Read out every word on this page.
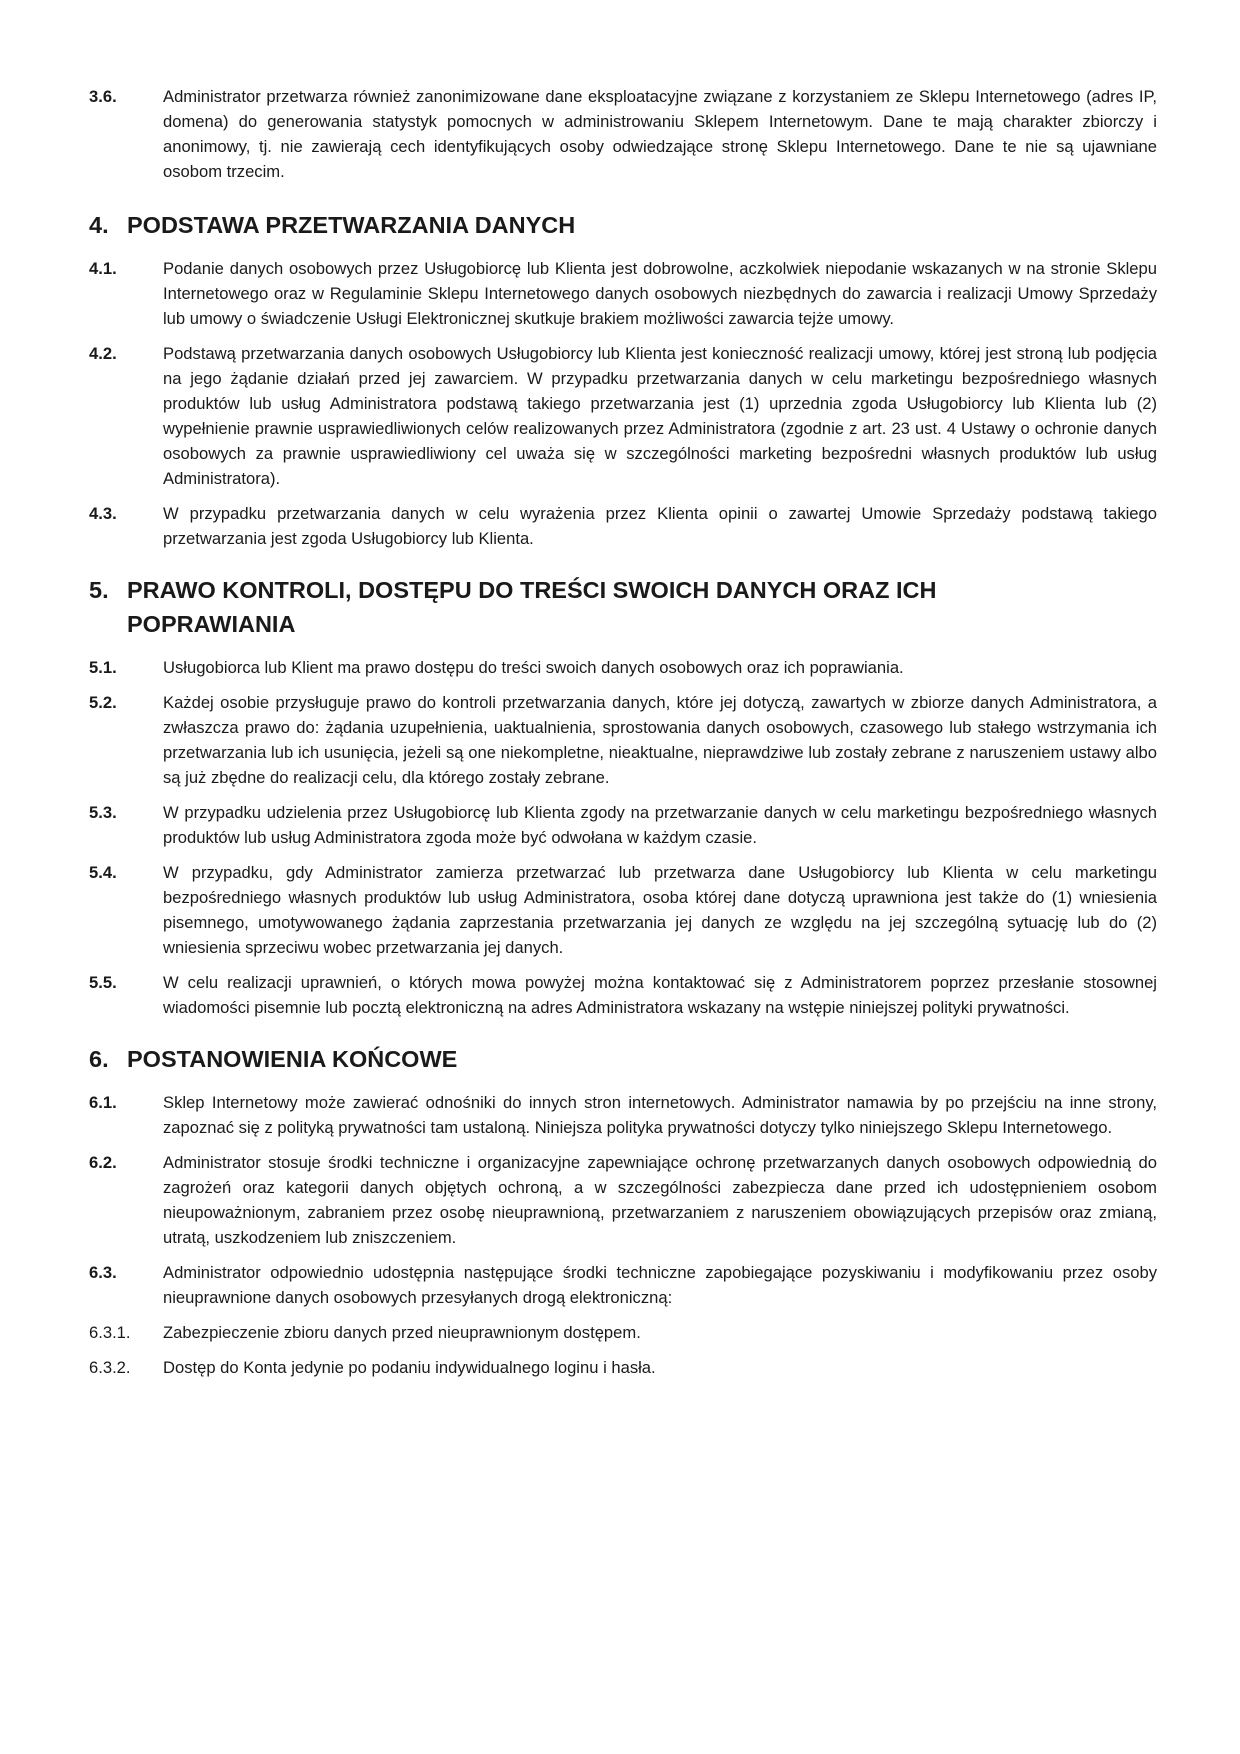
3.6.	Administrator przetwarza również zanonimizowane dane eksploatacyjne związane z korzystaniem ze Sklepu Internetowego (adres IP, domena) do generowania statystyk pomocnych w administrowaniu Sklepem Internetowym. Dane te mają charakter zbiorczy i anonimowy, tj. nie zawierają cech identyfikujących osoby odwiedzające stronę Sklepu Internetowego. Dane te nie są ujawniane osobom trzecim.
4. PODSTAWA PRZETWARZANIA DANYCH
4.1.	Podanie danych osobowych przez Usługobiorcę lub Klienta jest dobrowolne, aczkolwiek niepodanie wskazanych w na stronie Sklepu Internetowego oraz w Regulaminie Sklepu Internetowego danych osobowych niezbędnych do zawarcia i realizacji Umowy Sprzedaży lub umowy o świadczenie Usługi Elektronicznej skutkuje brakiem możliwości zawarcia tejże umowy.
4.2.	Podstawą przetwarzania danych osobowych Usługobiorcy lub Klienta jest konieczność realizacji umowy, której jest stroną lub podjęcia na jego żądanie działań przed jej zawarciem. W przypadku przetwarzania danych w celu marketingu bezpośredniego własnych produktów lub usług Administratora podstawą takiego przetwarzania jest (1) uprzednia zgoda Usługobiorcy lub Klienta lub (2) wypełnienie prawnie usprawiedliwionych celów realizowanych przez Administratora (zgodnie z art. 23 ust. 4 Ustawy o ochronie danych osobowych za prawnie usprawiedliwiony cel uważa się w szczególności marketing bezpośredni własnych produktów lub usług Administratora).
4.3.	W przypadku przetwarzania danych w celu wyrażenia przez Klienta opinii o zawartej Umowie Sprzedaży podstawą takiego przetwarzania jest zgoda Usługobiorcy lub Klienta.
5. PRAWO KONTROLI, DOSTĘPU DO TREŚCI SWOICH DANYCH ORAZ ICH POPRAWIANIA
5.1.	Usługobiorca lub Klient ma prawo dostępu do treści swoich danych osobowych oraz ich poprawiania.
5.2.	Każdej osobie przysługuje prawo do kontroli przetwarzania danych, które jej dotyczą, zawartych w zbiorze danych Administratora, a zwłaszcza prawo do: żądania uzupełnienia, uaktualnienia, sprostowania danych osobowych, czasowego lub stałego wstrzymania ich przetwarzania lub ich usunięcia, jeżeli są one niekompletne, nieaktualne, nieprawdziwe lub zostały zebrane z naruszeniem ustawy albo są już zbędne do realizacji celu, dla którego zostały zebrane.
5.3.	W przypadku udzielenia przez Usługobiorcę lub Klienta zgody na przetwarzanie danych w celu marketingu bezpośredniego własnych produktów lub usług Administratora zgoda może być odwołana w każdym czasie.
5.4.	W przypadku, gdy Administrator zamierza przetwarzać lub przetwarza dane Usługobiorcy lub Klienta w celu marketingu bezpośredniego własnych produktów lub usług Administratora, osoba której dane dotyczą uprawniona jest także do (1) wniesienia pisemnego, umotywowanego żądania zaprzestania przetwarzania jej danych ze względu na jej szczególną sytuację lub do (2) wniesienia sprzeciwu wobec przetwarzania jej danych.
5.5.	W celu realizacji uprawnień, o których mowa powyżej można kontaktować się z Administratorem poprzez przesłanie stosownej wiadomości pisemnie lub pocztą elektroniczną na adres Administratora wskazany na wstępie niniejszej polityki prywatności.
6. POSTANOWIENIA KOŃCOWE
6.1.	Sklep Internetowy może zawierać odnośniki do innych stron internetowych. Administrator namawia by po przejściu na inne strony, zapoznać się z polityką prywatności tam ustaloną. Niniejsza polityka prywatności dotyczy tylko niniejszego Sklepu Internetowego.
6.2.	Administrator stosuje środki techniczne i organizacyjne zapewniające ochronę przetwarzanych danych osobowych odpowiednią do zagrożeń oraz kategorii danych objętych ochroną, a w szczególności zabezpiecza dane przed ich udostępnieniem osobom nieupoważnionym, zabraniem przez osobę nieuprawnioną, przetwarzaniem z naruszeniem obowiązujących przepisów oraz zmianą, utratą, uszkodzeniem lub zniszczeniem.
6.3.	Administrator odpowiednio udostępnia następujące środki techniczne zapobiegające pozyskiwaniu i modyfikowaniu przez osoby nieuprawnione danych osobowych przesyłanych drogą elektroniczną:
6.3.1.	Zabezpieczenie zbioru danych przed nieuprawnionym dostępem.
6.3.2.	Dostęp do Konta jedynie po podaniu indywidualnego loginu i hasła.
